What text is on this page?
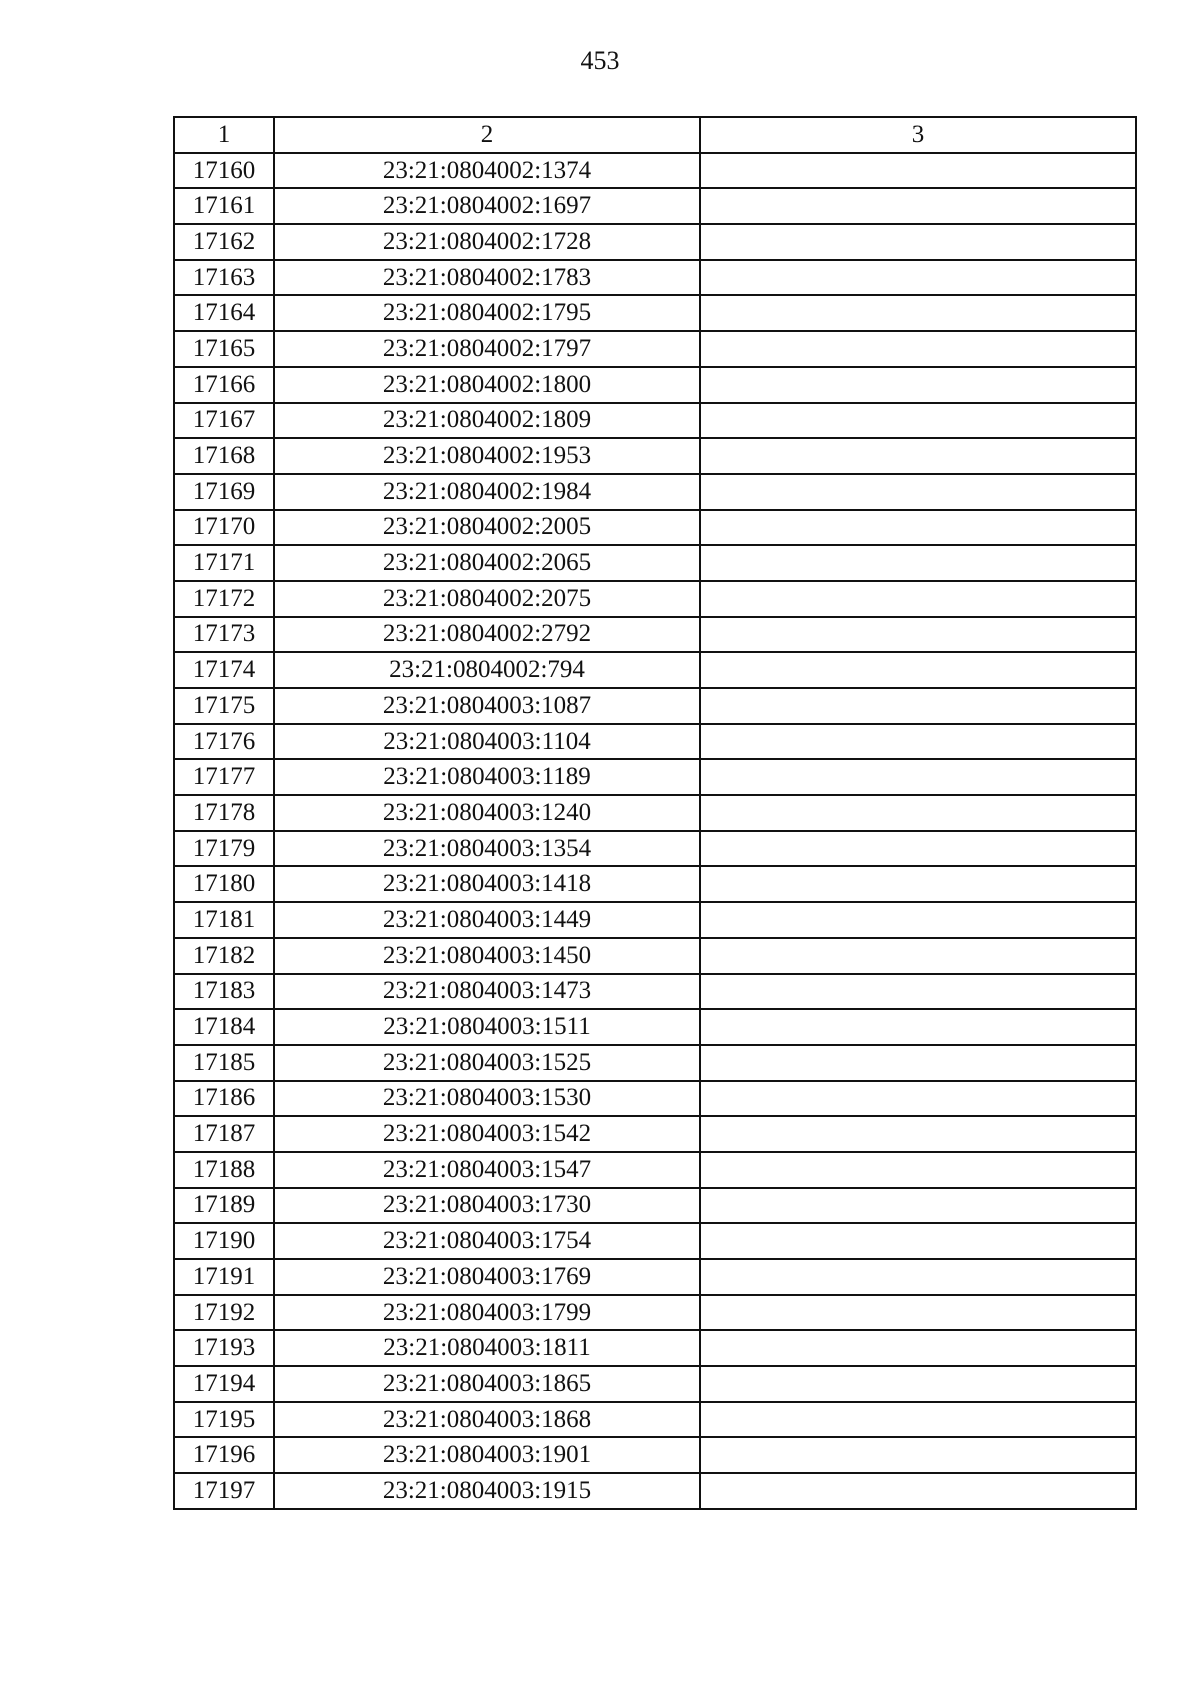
453
1	2	3
17160	23:21:0804002:1374	
17161	23:21:0804002:1697	
17162	23:21:0804002:1728	
17163	23:21:0804002:1783	
17164	23:21:0804002:1795	
17165	23:21:0804002:1797	
17166	23:21:0804002:1800	
17167	23:21:0804002:1809	
17168	23:21:0804002:1953	
17169	23:21:0804002:1984	
17170	23:21:0804002:2005	
17171	23:21:0804002:2065	
17172	23:21:0804002:2075	
17173	23:21:0804002:2792	
17174	23:21:0804002:794	
17175	23:21:0804003:1087	
17176	23:21:0804003:1104	
17177	23:21:0804003:1189	
17178	23:21:0804003:1240	
17179	23:21:0804003:1354	
17180	23:21:0804003:1418	
17181	23:21:0804003:1449	
17182	23:21:0804003:1450	
17183	23:21:0804003:1473	
17184	23:21:0804003:1511	
17185	23:21:0804003:1525	
17186	23:21:0804003:1530	
17187	23:21:0804003:1542	
17188	23:21:0804003:1547	
17189	23:21:0804003:1730	
17190	23:21:0804003:1754	
17191	23:21:0804003:1769	
17192	23:21:0804003:1799	
17193	23:21:0804003:1811	
17194	23:21:0804003:1865	
17195	23:21:0804003:1868	
17196	23:21:0804003:1901	
17197	23:21:0804003:1915	
